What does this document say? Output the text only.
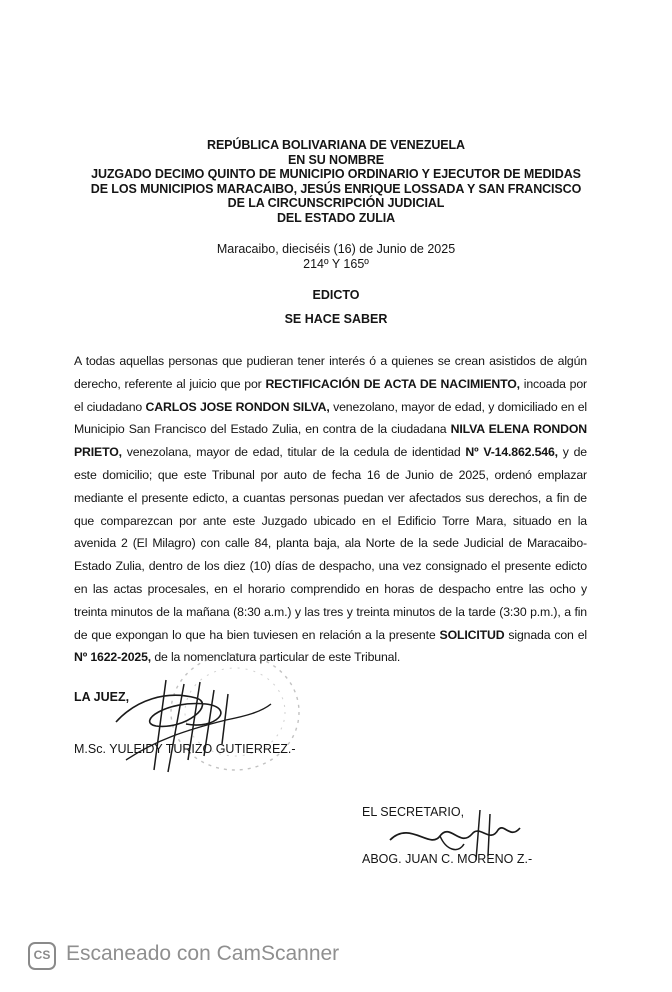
REPÚBLICA BOLIVARIANA DE VENEZUELA
EN SU NOMBRE
JUZGADO DECIMO QUINTO DE MUNICIPIO ORDINARIO Y EJECUTOR DE MEDIDAS
DE LOS MUNICIPIOS MARACAIBO, JESÚS ENRIQUE LOSSADA Y SAN FRANCISCO
DE LA CIRCUNSCRIPCIÓN JUDICIAL
DEL ESTADO ZULIA
Maracaibo, dieciséis (16) de Junio de 2025
214º Y 165º
EDICTO
SE HACE SABER
A todas aquellas personas que pudieran tener interés ó a quienes se crean asistidos de algún derecho, referente al juicio que por RECTIFICACIÓN DE ACTA DE NACIMIENTO, incoada por el ciudadano CARLOS JOSE RONDON SILVA, venezolano, mayor de edad, y domiciliado en el Municipio San Francisco del Estado Zulia, en contra de la ciudadana NILVA ELENA RONDON PRIETO, venezolana, mayor de edad, titular de la cedula de identidad Nº V-14.862.546, y de este domicilio; que este Tribunal por auto de fecha 16 de Junio de 2025, ordenó emplazar mediante el presente edicto, a cuantas personas puedan ver afectados sus derechos, a fin de que comparezcan por ante este Juzgado ubicado en el Edificio Torre Mara, situado en la avenida 2 (El Milagro) con calle 84, planta baja, ala Norte de la sede Judicial de Maracaibo-Estado Zulia, dentro de los diez (10) días de despacho, una vez consignado el presente edicto en las actas procesales, en el horario comprendido en horas de despacho entre las ocho y treinta minutos de la mañana (8:30 a.m.) y las tres y treinta minutos de la tarde (3:30 p.m.), a fin de que expongan lo que ha bien tuviesen en relación a la presente SOLICITUD signada con el Nº 1622-2025, de la nomenclatura particular de este Tribunal.
LA JUEZ,
M.Sc. YULEIDY TURIZO GUTIERREZ.-
EL SECRETARIO,
ABOG. JUAN C. MORENO Z.-
CS Escaneado con CamScanner
